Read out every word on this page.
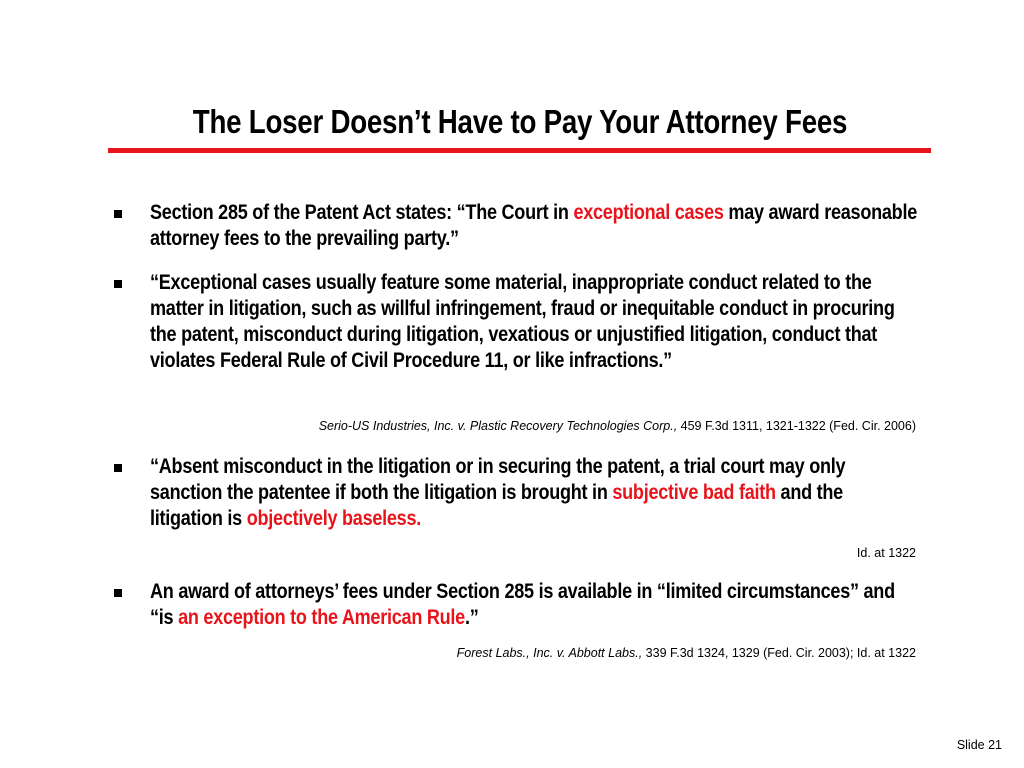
The Loser Doesn’t Have to Pay Your Attorney Fees
Section 285 of the Patent Act states: “The Court in exceptional cases may award reasonable attorney fees to the prevailing party.”
“Exceptional cases usually feature some material, inappropriate conduct related to the matter in litigation, such as willful infringement, fraud or inequitable conduct in procuring the patent, misconduct during litigation, vexatious or unjustified litigation, conduct that violates Federal Rule of Civil Procedure 11, or like infractions.”
Serio-US Industries, Inc. v. Plastic Recovery Technologies Corp., 459 F.3d 1311, 1321-1322 (Fed. Cir. 2006)
“Absent misconduct in the litigation or in securing the patent, a trial court may only sanction the patentee if both the litigation is brought in subjective bad faith and the litigation is objectively baseless.
Id. at 1322
An award of attorneys’ fees under Section 285 is available in “limited circumstances” and “is an exception to the American Rule.”
Forest Labs., Inc. v. Abbott Labs., 339 F.3d 1324, 1329 (Fed. Cir. 2003); Id. at 1322
Slide 21
